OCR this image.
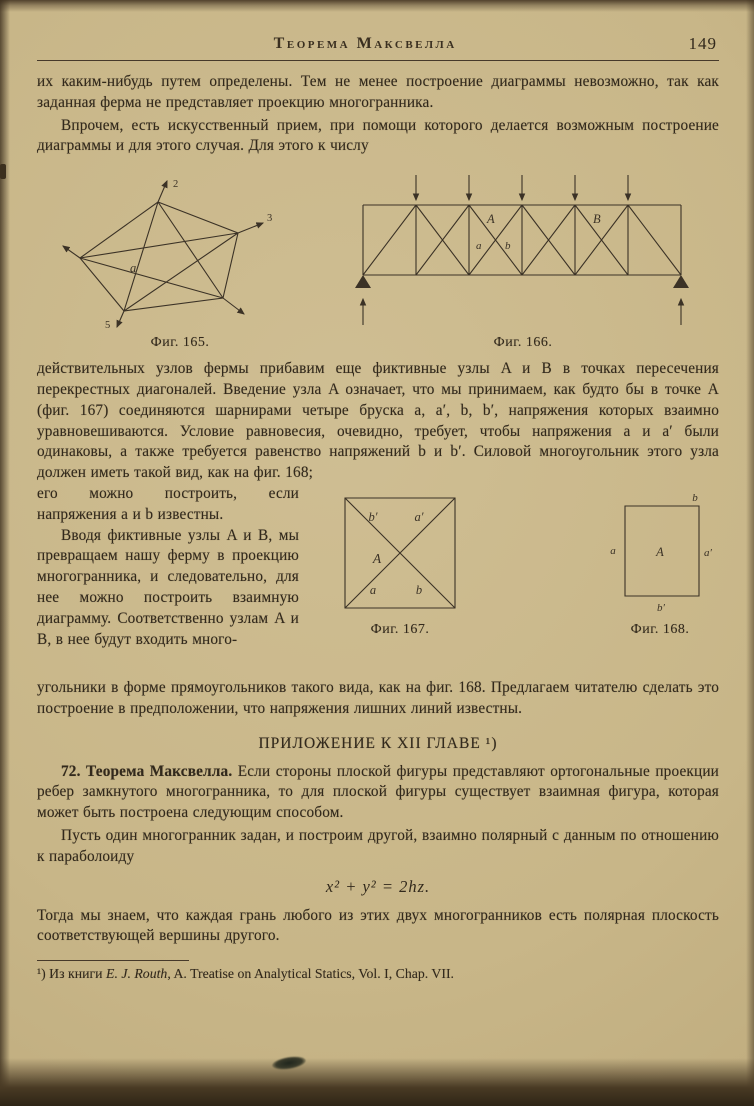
Теорема Максвелла	149

их каким-нибудь путем определены. Тем не менее построение диаграммы невозможно, так как заданная ферма не представляет проекцию многогранника.

Впрочем, есть искусственный прием, при помощи которого делается возможным построение диаграммы и для этого случая. Для этого к числу

2
3
5
a
Фиг. 165.
A	B
a b
Фиг. 166.

действительных узлов фермы прибавим еще фиктивные узлы A и B в точках пересечения перекрестных диагоналей. Введение узла A означает, что мы принимаем, как будто бы в точке A (фиг. 167) соединяются шарнирами четыре бруска a, a′, b, b′, напряжения которых взаимно уравновешиваются. Условие равновесия, очевидно, требует, чтобы напряжения a и a′ были одинаковы, а также требуется равенство напряжений b и b′. Силовой многоугольник этого узла должен иметь такой вид, как на фиг. 168;

b′	a′
A
a	b
Фиг. 167.
b
a	A	a′
b′
Фиг. 168.

его можно построить, если напряжения a и b известны.

Вводя фиктивные узлы A и B, мы превращаем нашу ферму в проекцию многогранника, и следовательно, для нее можно построить взаимную диаграмму. Соответственно узлам A и B, в нее будут входить много-

угольники в форме прямоугольников такого вида, как на фиг. 168. Предлагаем читателю сделать это построение в предположении, что напряжения лишних линий известны.

ПРИЛОЖЕНИЕ К XII ГЛАВЕ ¹)

72. Теорема Максвелла. Если стороны плоской фигуры представляют ортогональные проекции ребер замкнутого многогранника, то для плоской фигуры существует взаимная фигура, которая может быть построена следующим способом.

Пусть один многогранник задан, и построим другой, взаимно полярный с данным по отношению к параболоиду

x² + y² = 2hz.

Тогда мы знаем, что каждая грань любого из этих двух многогранников есть полярная плоскость соответствующей вершины другого.

¹) Из книги E. J. Routh, A. Treatise on Analytical Statics, Vol. I, Chap. VII.
